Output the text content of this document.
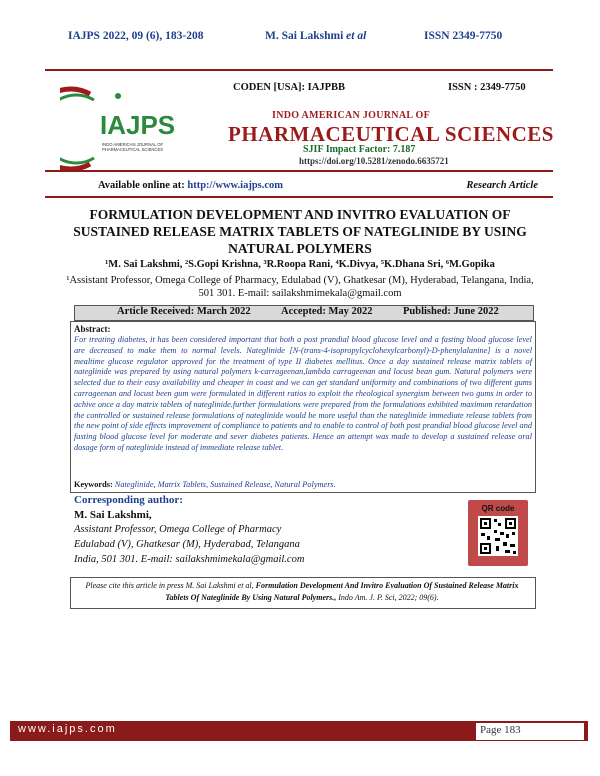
IAJPS 2022, 09 (6), 183-208	M. Sai Lakshmi et al	ISSN 2349-7750
IAJPS
INDO AMERICAN JOURNAL OF
PHARMACEUTICAL SCIENCES
CODEN [USA]: IAJPBB	ISSN : 2349-7750
INDO AMERICAN JOURNAL OF
PHARMACEUTICAL SCIENCES
SJIF Impact Factor: 7.187
https://doi.org/10.5281/zenodo.6635721
Available online at: http://www.iajps.com	Research Article
FORMULATION DEVELOPMENT AND INVITRO EVALUATION OF SUSTAINED RELEASE MATRIX TABLETS OF NATEGLINIDE BY USING NATURAL POLYMERS
¹M. Sai Lakshmi, ²S.Gopi Krishna, ³R.Roopa Rani, ⁴K.Divya, ⁵K.Dhana Sri, ⁶M.Gopika
¹Assistant Professor, Omega College of Pharmacy, Edulabad (V), Ghatkesar (M), Hyderabad, Telangana, India, 501 301. E-mail: sailakshmimekala@gmail.com
Article Received: March 2022	Accepted: May 2022	Published: June 2022
Abstract:
For treating diabetes, it has been considered important that both a post prandial blood glucose level and a fasting blood glucose level are decreased to make them to normal levels. Nateglinide [N-(trans-4-isopropylcyclohexylcarbonyl)-D-phenylalanine] is a novel mealtime glucose regulator approved for the treatment of type II diabetes mellitus. Once a day sustained release matrix tablets of nateglinide was prepared by using natural polymers k-carrageenan,lambda carrageenan and locust bean gum. Natural polymers were selected due to their easy availability and cheaper in coast and we can get standard uniformity and combinations of two different gums carrageenan and locust been gum were formulated in different ratios to exploit the rheological synergism between two gums in order to achive once a day matrix tablets of nateglinide.further formulations were prepared from the formulations exhibited maximum retardation the controlled or sustained release formulations of nateglinide would be more useful than the nateglinide immediate release tablets from the new point of side effects improvement of compliance to patients and to enable to control of both post prandial blood glucose level and fasting blood glucose level for moderate and sever diabetes patients. Hence an attempt was made to develop a sustained release oral dosage form of nateglinide instead of immediate release tablet.
Keywords: Nateglinide, Matrix Tablets, Sustained Release, Natural Polymers.
Corresponding author:
M. Sai Lakshmi,
Assistant Professor, Omega College of Pharmacy
Edulabad (V), Ghatkesar (M), Hyderabad, Telangana
India, 501 301. E-mail: sailakshmimekala@gmail.com
QR code
Please cite this article in press M. Sai Lakshmi et al, Formulation Development And Invitro Evaluation Of Sustained Release Matrix Tablets Of Nateglinide By Using Natural Polymers., Indo Am. J. P. Sci, 2022; 09(6).
www.iajps.com	Page 183
